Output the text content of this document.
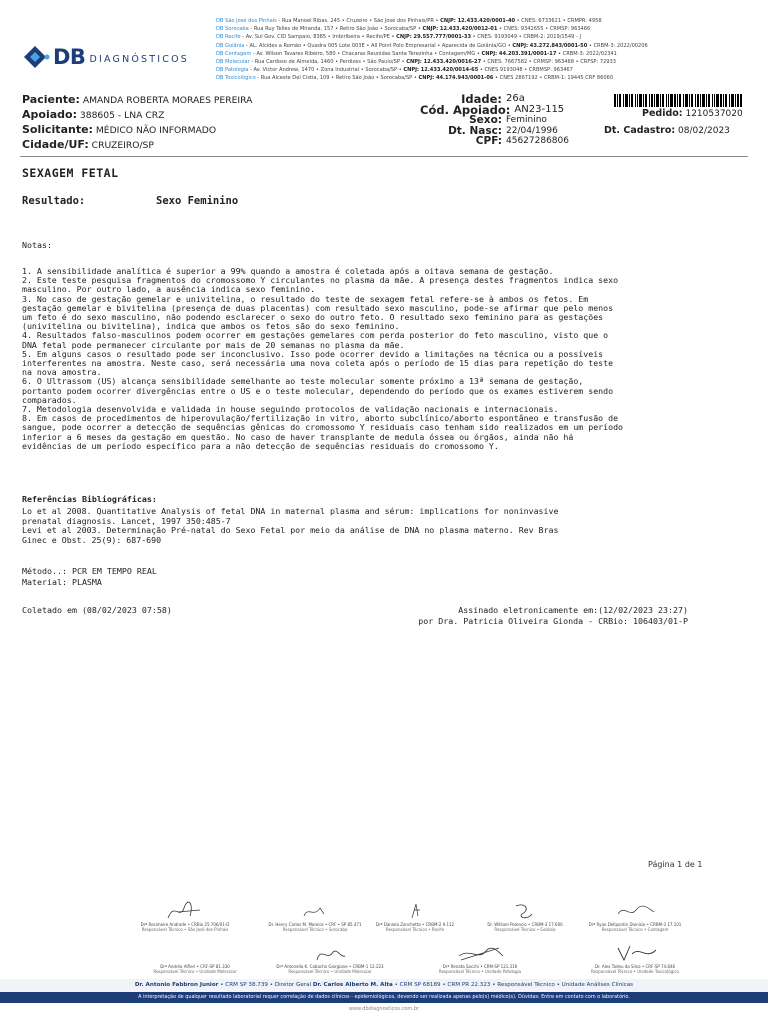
DB DIAGNÓSTICOS
DB São José dos Pinhais - Rua Manoel Ribas, 245 • Cruzeiro • São José dos Pinhais/PR • CNJP: 12.433.420/0001-40 • CNES: 6733621 • CRMPR: 4958
DB Sorocaba - Rua Ruy Telles de Miranda, 157 • Retiro São João • Sorocaba/SP • CNJP: 12.433.420/0012-01 • CNES: 9342655 • CRMSP: 963466
DB Recife - Av. Sul Gov. CID Sampaio, 8385 • Imbiribeira • Recife/PE • CNJP: 29.557.777/0001-33 • CNES: 9193049 • CRBM-2: 2019/1549 - J
DB Goiânia - AL. Alcides a Romão • Quadra 005 Lote 003E • All Point Polo Empresarial • Aparecida de Goiânia/GO • CNPJ: 43.272.843/0001-50 • CRBM-3: 2022/00206
DB Contagem - Av. Wilson Tavares Ribeiro, 580 • Chacaras Reunidas Santa Terezinha • Contagem/MG • CNPJ: 44.203.391/0001-17 • CRBM-3: 2022/02341
DB Molecular - Rua Cardoso de Almeida, 1460 • Perdizes • São Paulo/SP • CNPJ: 12.433.420/0016-27 • CNES: 7667582 • CRMSP: 963468 • CRFSP: 72933
DB Patologia - Av. Victor Andrew, 1470 • Zona Industrial • Sorocaba/SP • CNPJ: 12.433.420/0014-65 • CNES 9193048 • CRBMSP: 963467
DB Toxicológico - Rua Alceste Del Cistia, 109 • Retiro São João • Sorocaba/SP • CNPJ: 44.174.943/0001-06 • CNES 2867192 • CRBM-1: 19445 CRF 86060
Paciente: AMANDA ROBERTA MORAES PEREIRA
Apoiado: 388605 - LNA CRZ
Solicitante: MÉDICO NÃO INFORMADO
Cidade/UF: CRUZEIRO/SP
Idade: 26a
Cód. Apoiado: AN23-115
Sexo: Feminino
Dt. Nasc: 22/04/1996
CPF: 45627286806
Pedido: 1210537020
Dt. Cadastro: 08/02/2023
SEXAGEM FETAL
Resultado:	Sexo Feminino
Notas:
1. A sensibilidade analítica é superior a 99% quando a amostra é coletada após a oitava semana de gestação.
2. Este teste pesquisa fragmentos do cromossomo Y circulantes no plasma da mãe. A presença destes fragmentos indica sexo
masculino. Por outro lado, a ausência indica sexo feminino.
3. No caso de gestação gemelar e univitelina, o resultado do teste de sexagem fetal refere-se à ambos os fetos. Em
gestação gemelar e bivitelina (presença de duas placentas) com resultado sexo masculino, pode-se afirmar que pelo menos
um feto é do sexo masculino, não podendo esclarecer o sexo do outro feto. O resultado sexo feminino para as gestações
(univitelina ou bivitelina), indica que ambos os fetos são do sexo feminino.
4. Resultados falso-masculinos podem ocorrer em gestações gemelares com perda posterior do feto masculino, visto que o
DNA fetal pode permanecer circulante por mais de 20 semanas no plasma da mãe.
5. Em alguns casos o resultado pode ser inconclusivo. Isso pode ocorrer devido a limitações na técnica ou a possíveis
interferentes na amostra. Neste caso, será necessária uma nova coleta após o período de 15 dias para repetição do teste
na nova amostra.
6. O Ultrassom (US) alcança sensibilidade semelhante ao teste molecular somente próximo a 13ª semana de gestação,
portanto podem ocorrer divergências entre o US e o teste molecular, dependendo do período que os exames estiverem sendo
comparados.
7. Metodologia desenvolvida e validada in house seguindo protocolos de validação nacionais e internacionais.
8. Em casos de procedimentos de hiperovulação/fertilização in vitro, aborto subclínico/aborto espontâneo e transfusão de
sangue, pode ocorrer a detecção de sequências gênicas do cromossomo Y residuais caso tenham sido realizados em um período
inferior a 6 meses da gestação em questão. No caso de haver transplante de medula óssea ou órgãos, ainda não há
evidências de um período específico para a não detecção de sequências residuais do cromossomo Y.
Referências Bibliográficas:
Lo et al 2008. Quantitative Analysis of fetal DNA in maternal plasma and sérum: implications for noninvasive
prenatal diagnosis. Lancet, 1997 350:485-7
Levi et al 2003. Determinação Pré-natal do Sexo Fetal por meio da análise de DNA no plasma materno. Rev Bras
Ginec e Obst. 25(9): 687-690
Método..: PCR EM TEMPO REAL
Material: PLASMA
Coletado em (08/02/2023 07:58)	Assinado eletronicamente em:(12/02/2023 23:27)
por Dra. Patricia Oliveira Gionda - CRBio: 106403/01-P
Página 1 de 1
Drª Rosimeire Andrade • CRBio 25.706/01-D
Responsável Técnico • São José dos Pinhais
Dr. Henry Carlos M. Moreira • CRF • SP 85.471
Responsável Técnico • Sorocaba
Drª Daniela Zanchetta • CRBM-2 9.112
Responsável Técnico • Recife
Dr. William Polencio • CRBM-3 17.606
Responsável Técnico • Goiânia
Drª Ryan Dellpontin Dionisio • CRBM-3 17.101
Responsável Técnico • Contagem
Drª Andréa Alfieri • CRF-SP 81.330
Responsável Técnico • Unidade Molecular
Drª Antonella K. Cobacho Giorgiane • CRBM-1 12.223
Responsável Técnico • Unidade Molecular
Drª Renata Sacchi • CRM-SP 121.316
Responsável Técnico • Unidade Patologia
Dr. Alex Tadeu da Silva • CRF-SP 74.846
Responsável Técnico • Unidade Toxicológico
Dr. Antonio Fabbron Junior • CRM SP 38.739 • Diretor Geral Dr. Carlos Alberto M. Alta • CRM SP 68189 • CRM PR 22.323 • Responsável Técnico • Unidade Análises Clínicas
A interpretação de qualquer resultado laboratorial requer correlação de dados clínicos - epidemiológicos, devendo ser realizada apenas pelo(s) médico(s). Dúvidas: Entre em contato com o laboratório.
www.dbdiagnosticos.com.br
